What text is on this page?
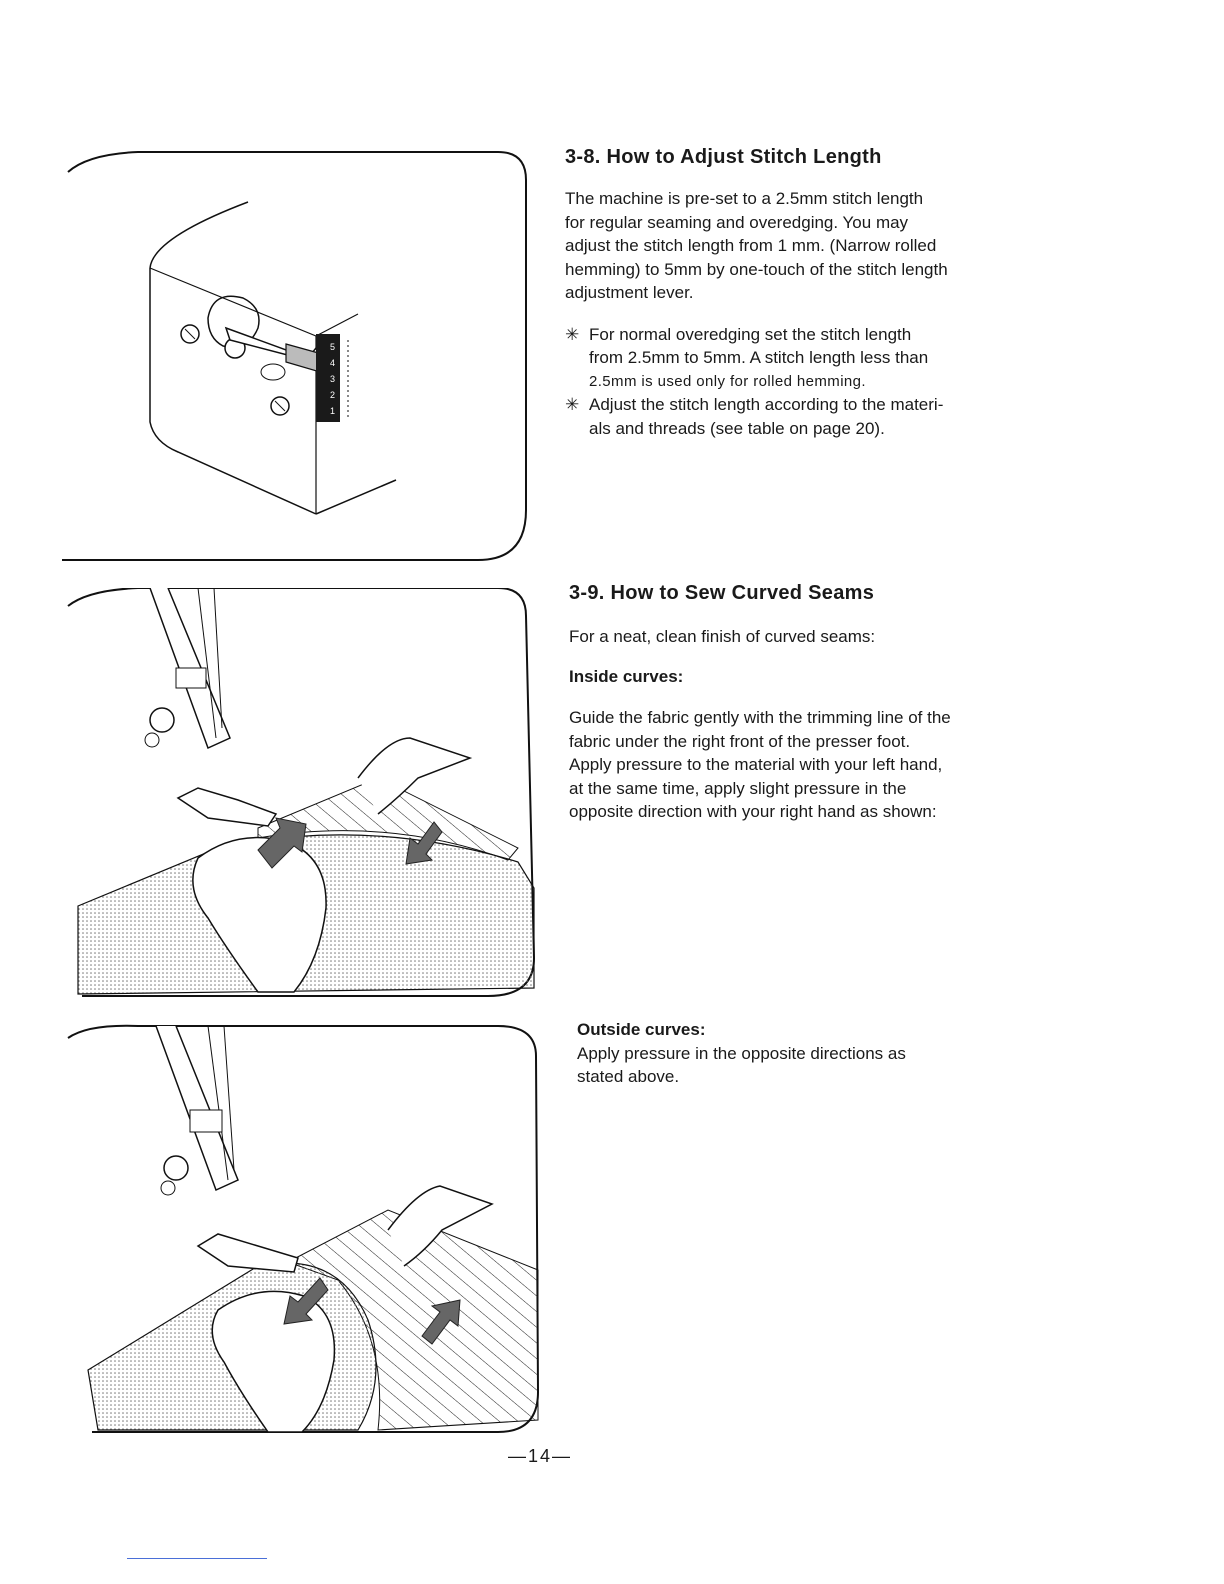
5
4
3
2
1
3-8. How to Adjust Stitch Length

The machine is pre-set to a 2.5mm stitch length

for regular seaming and overedging. You may

adjust the stitch length from 1 mm. (Narrow rolled

hemming) to 5mm by one-touch of the stitch length

adjustment lever.

✳ For normal overedging set the stitch length

from 2.5mm to 5mm. A stitch length less than

2.5mm is used only for rolled hemming.

✳ Adjust the stitch length according to the materi-

als and threads (see table on page 20).

3-9. How to Sew Curved Seams

For a neat, clean finish of curved seams:

Inside curves:

Guide the fabric gently with the trimming line of the

fabric under the right front of the presser foot.

Apply pressure to the material with your left hand,

at the same time, apply slight pressure in the

opposite direction with your right hand as shown:

Outside curves:

Apply pressure in the opposite directions as

stated above.

—14—
